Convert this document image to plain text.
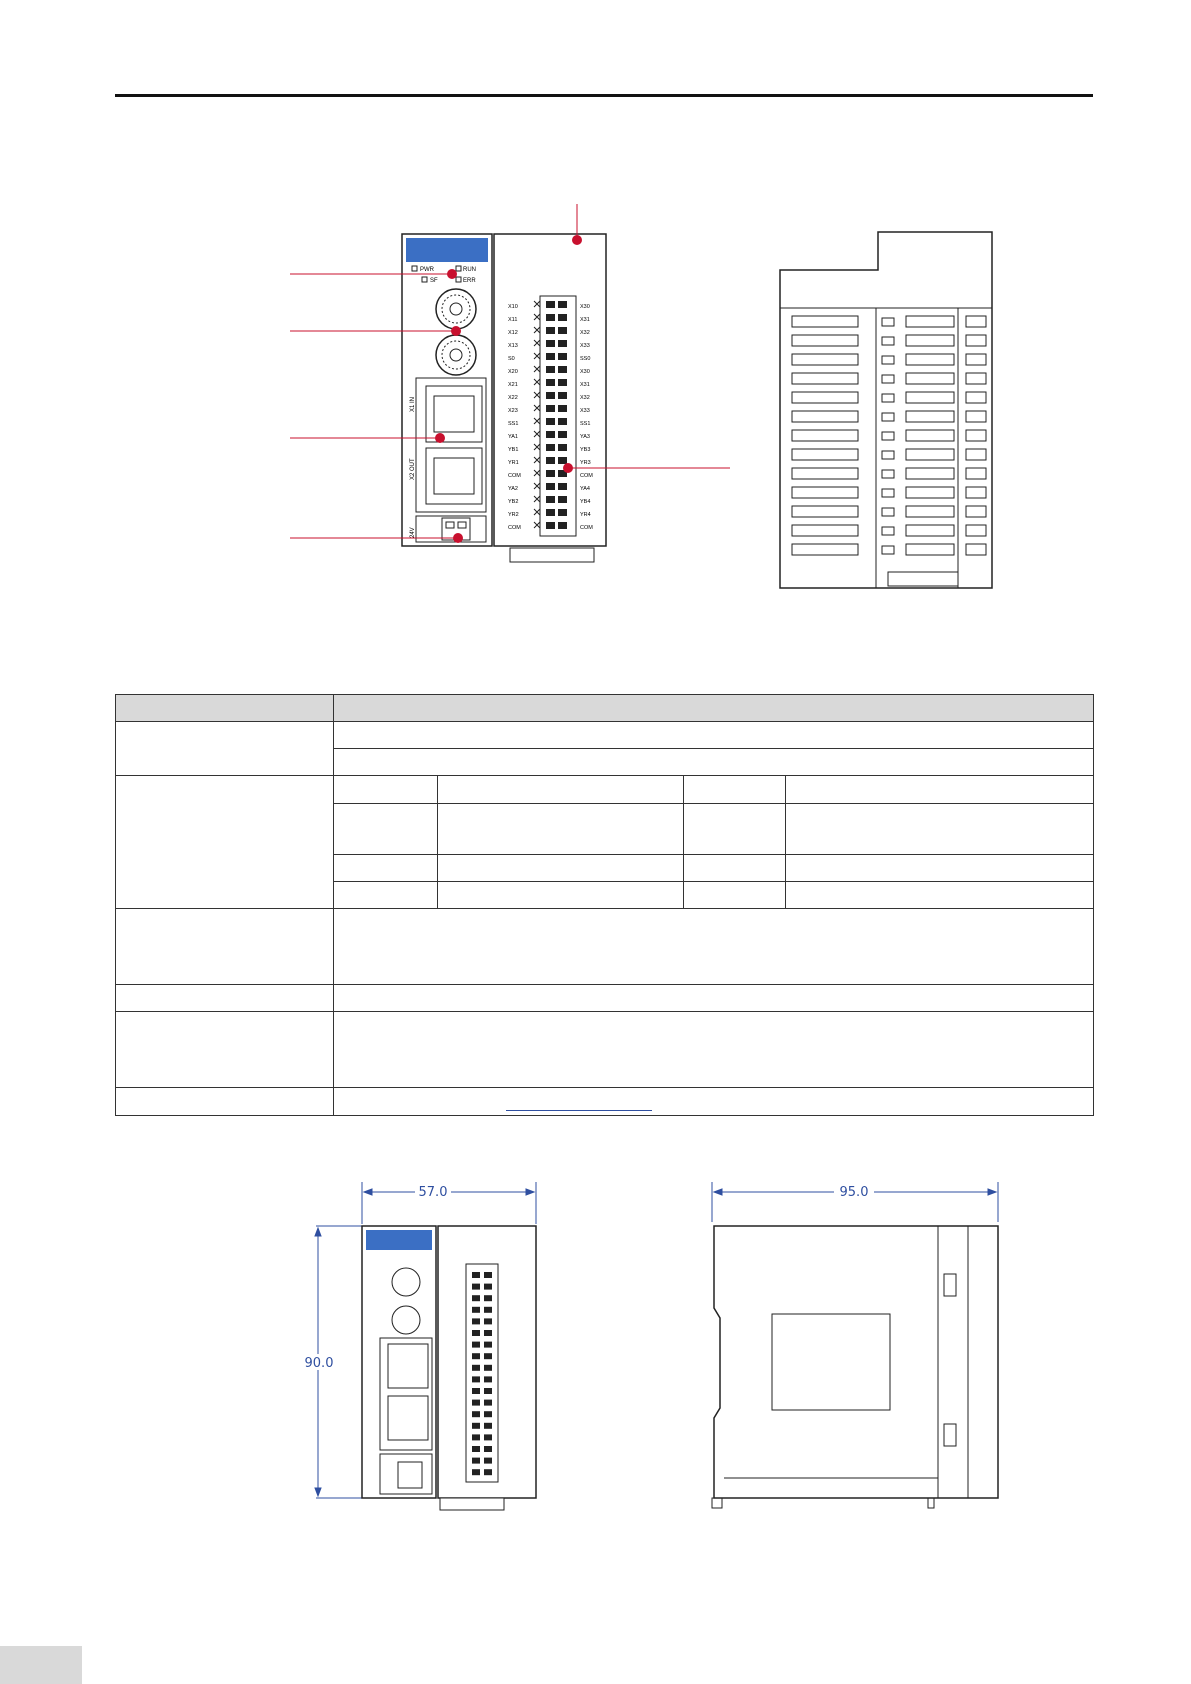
PWR	RUN
SF	ERR
X1 IN
X2 OUT
24V
X10	X30
X11	X31
X12	X32
X13	X33
S0	SS0
X20	X30
X21	X31
X22	X32
X23	X33
SS1	SS1
YA1	YA3
YB1	YB3
YR1	YR3
COM	COM
YA2	YA4
YB2	YB4
YR2	YR4
COM	COM

57.0
90.0
95.0
